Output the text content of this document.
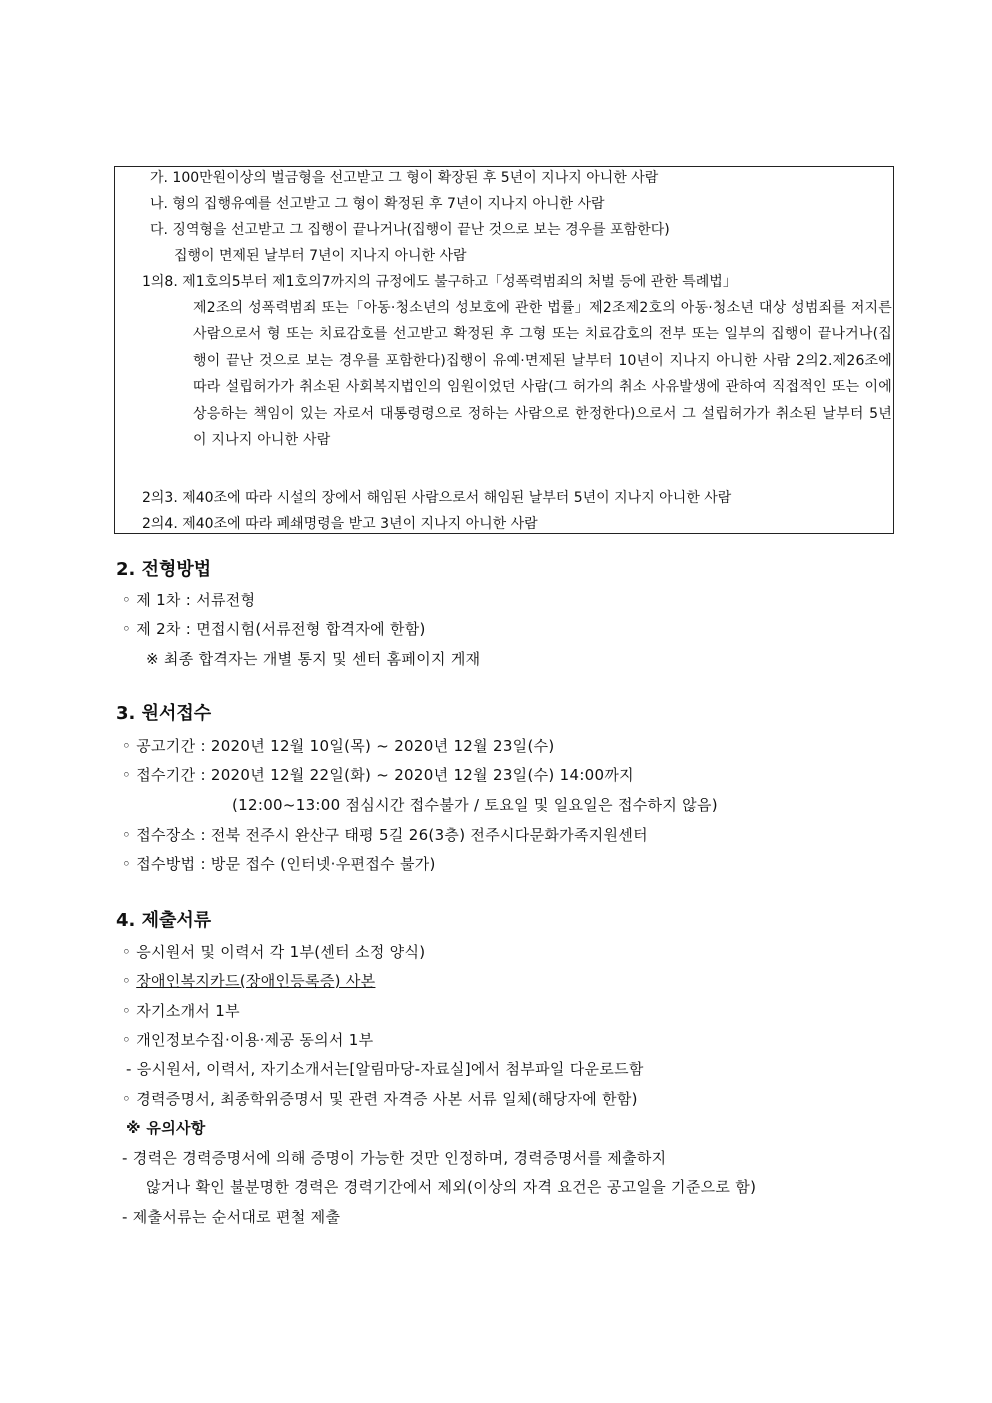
가. 100만원이상의 벌금형을 선고받고 그 형이 확장된 후 5년이 지나지 아니한 사람
나. 형의 집행유예를 선고받고 그 형이 확정된 후 7년이 지나지 아니한 사람
다. 징역형을 선고받고 그 집행이 끝나거나(집행이 끝난 것으로 보는 경우를 포함한다)
집행이 면제된 날부터 7년이 지나지 아니한 사람
1의8. 제1호의5부터 제1호의7까지의 규정에도 불구하고「성폭력범죄의 처벌 등에 관한 특례법」
제2조의 성폭력범죄 또는「아동·청소년의 성보호에 관한 법률」제2조제2호의 아동·청소년 대상 성범죄를 저지른 사람으로서 형 또는 치료감호를 선고받고 확정된 후 그형 또는 치료감호의 전부 또는 일부의 집행이 끝나거나(집행이 끝난 것으로 보는 경우를 포함한다)집행이 유예·면제된 날부터 10년이 지나지 아니한 사람 2의2.제26조에 따라 설립허가가 취소된 사회복지법인의 임원이었던 사람(그 허가의 취소 사유발생에 관하여 직접적인 또는 이에 상응하는 책임이 있는 자로서 대통령령으로 정하는 사람으로 한정한다)으로서 그 설립허가가 취소된 날부터 5년이 지나지 아니한 사람
2의3. 제40조에 따라 시설의 장에서 해임된 사람으로서 해임된 날부터 5년이 지나지 아니한 사람
2의4. 제40조에 따라 폐쇄명령을 받고 3년이 지나지 아니한 사람
2. 전형방법
◦ 제 1차 : 서류전형
◦ 제 2차 : 면접시험(서류전형 합격자에 한함)
※ 최종 합격자는 개별 통지 및 센터 홈페이지 게재
3. 원서접수
◦ 공고기간 : 2020년 12월 10일(목) ~ 2020년 12월 23일(수)
◦ 접수기간 : 2020년 12월 22일(화) ~ 2020년 12월 23일(수) 14:00까지
(12:00~13:00 점심시간 접수불가 / 토요일 및 일요일은 접수하지 않음)
◦ 접수장소 : 전북 전주시 완산구 태평 5길 26(3층) 전주시다문화가족지원센터
◦ 접수방법 : 방문 접수 (인터넷·우편접수 불가)
4. 제출서류
◦ 응시원서 및 이력서 각 1부(센터 소정 양식)
◦ 장애인복지카드(장애인등록증) 사본
◦ 자기소개서 1부
◦ 개인정보수집·이용·제공 동의서 1부
- 응시원서, 이력서, 자기소개서는[알림마당-자료실]에서 첨부파일 다운로드함
◦ 경력증명서, 최종학위증명서 및 관련 자격증 사본 서류 일체(해당자에 한함)
※ 유의사항
- 경력은 경력증명서에 의해 증명이 가능한 것만 인정하며, 경력증명서를 제출하지
않거나 확인 불분명한 경력은 경력기간에서 제외(이상의 자격 요건은 공고일을 기준으로 함)
- 제출서류는 순서대로 편철 제출
